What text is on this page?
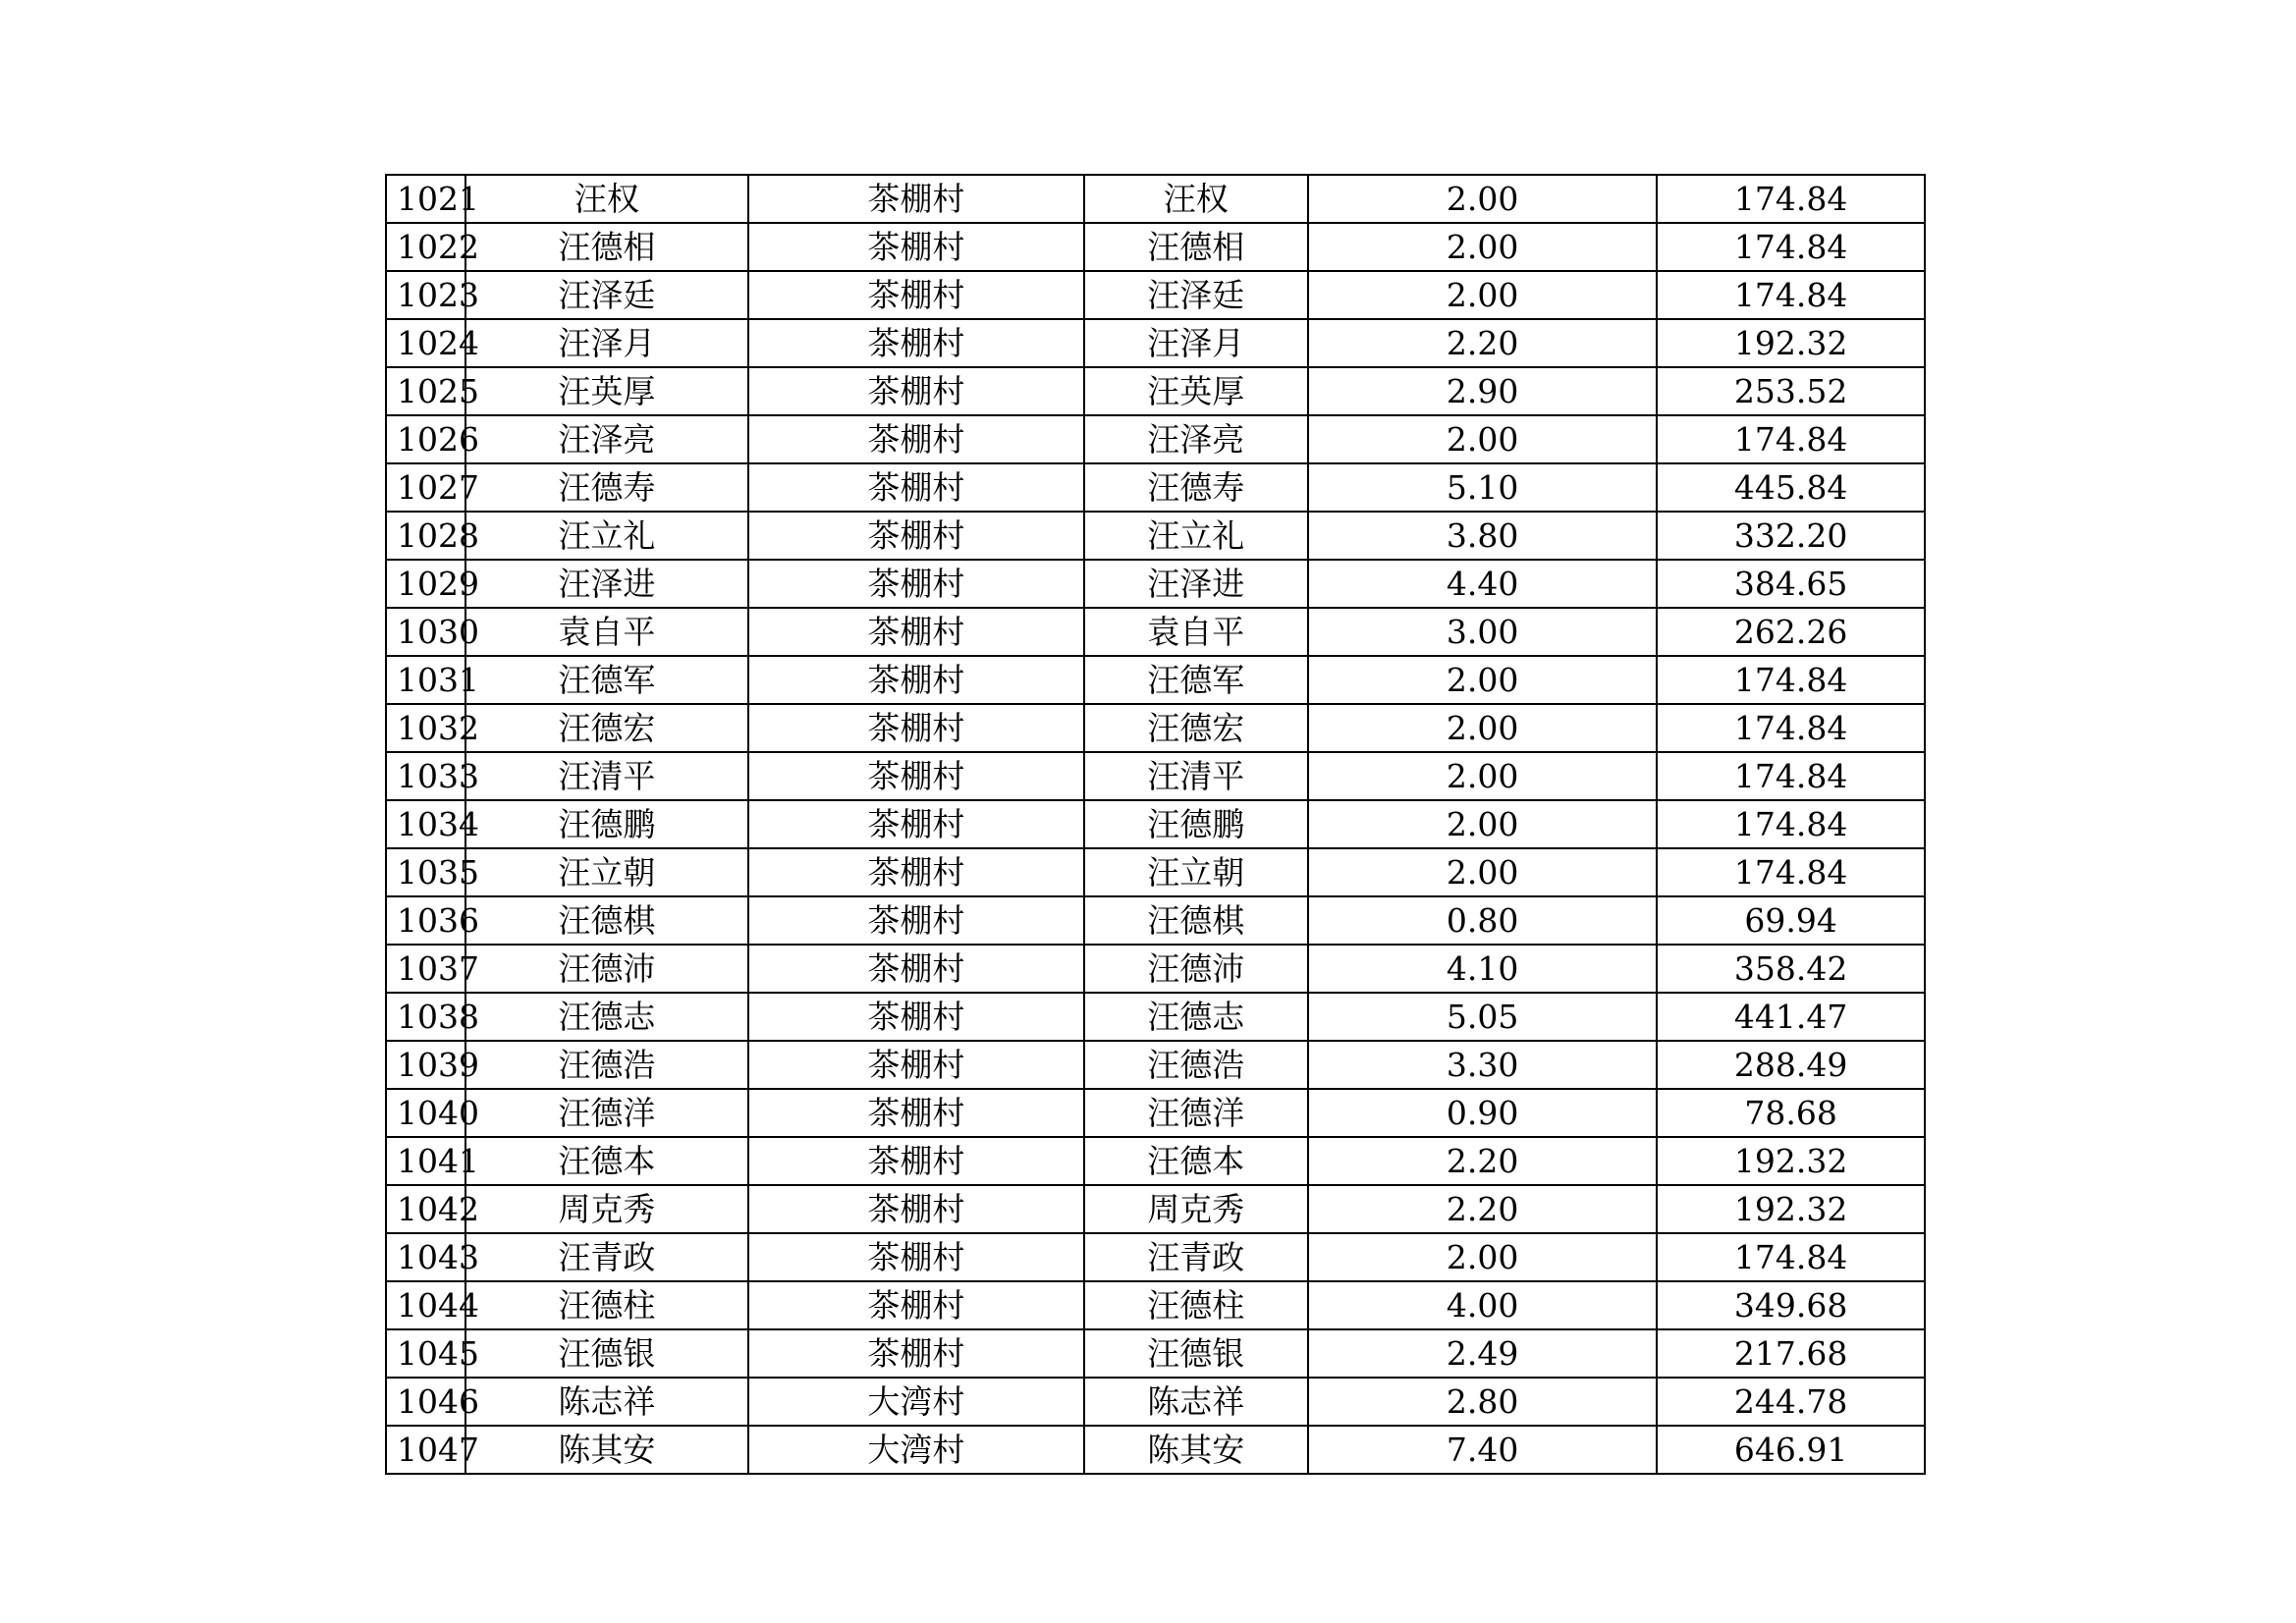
1021	汪权	茶棚村	汪权	2.00	174.84
1022	汪德相	茶棚村	汪德相	2.00	174.84
1023	汪泽廷	茶棚村	汪泽廷	2.00	174.84
1024	汪泽月	茶棚村	汪泽月	2.20	192.32
1025	汪英厚	茶棚村	汪英厚	2.90	253.52
1026	汪泽亮	茶棚村	汪泽亮	2.00	174.84
1027	汪德寿	茶棚村	汪德寿	5.10	445.84
1028	汪立礼	茶棚村	汪立礼	3.80	332.20
1029	汪泽进	茶棚村	汪泽进	4.40	384.65
1030	袁自平	茶棚村	袁自平	3.00	262.26
1031	汪德军	茶棚村	汪德军	2.00	174.84
1032	汪德宏	茶棚村	汪德宏	2.00	174.84
1033	汪清平	茶棚村	汪清平	2.00	174.84
1034	汪德鹏	茶棚村	汪德鹏	2.00	174.84
1035	汪立朝	茶棚村	汪立朝	2.00	174.84
1036	汪德棋	茶棚村	汪德棋	0.80	69.94
1037	汪德沛	茶棚村	汪德沛	4.10	358.42
1038	汪德志	茶棚村	汪德志	5.05	441.47
1039	汪德浩	茶棚村	汪德浩	3.30	288.49
1040	汪德洋	茶棚村	汪德洋	0.90	78.68
1041	汪德本	茶棚村	汪德本	2.20	192.32
1042	周克秀	茶棚村	周克秀	2.20	192.32
1043	汪青政	茶棚村	汪青政	2.00	174.84
1044	汪德柱	茶棚村	汪德柱	4.00	349.68
1045	汪德银	茶棚村	汪德银	2.49	217.68
1046	陈志祥	大湾村	陈志祥	2.80	244.78
1047	陈其安	大湾村	陈其安	7.40	646.91
